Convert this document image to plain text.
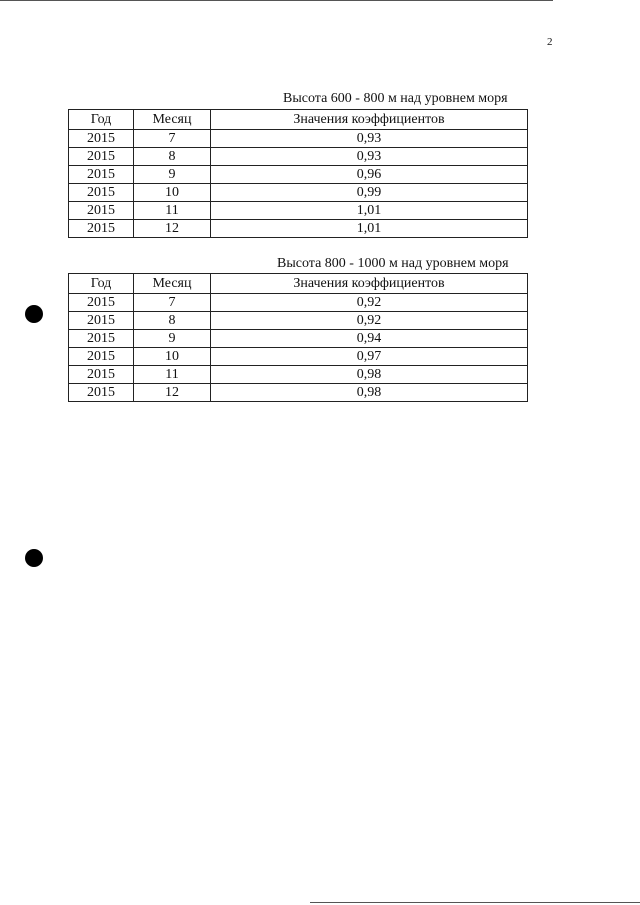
2
Высота 600 - 800 м над уровнем моря
Год	Месяц	Значения коэффициентов
2015	7	0,93
2015	8	0,93
2015	9	0,96
2015	10	0,99
2015	11	1,01
2015	12	1,01
Высота 800 - 1000 м над уровнем моря
Год	Месяц	Значения коэффициентов
2015	7	0,92
2015	8	0,92
2015	9	0,94
2015	10	0,97
2015	11	0,98
2015	12	0,98
